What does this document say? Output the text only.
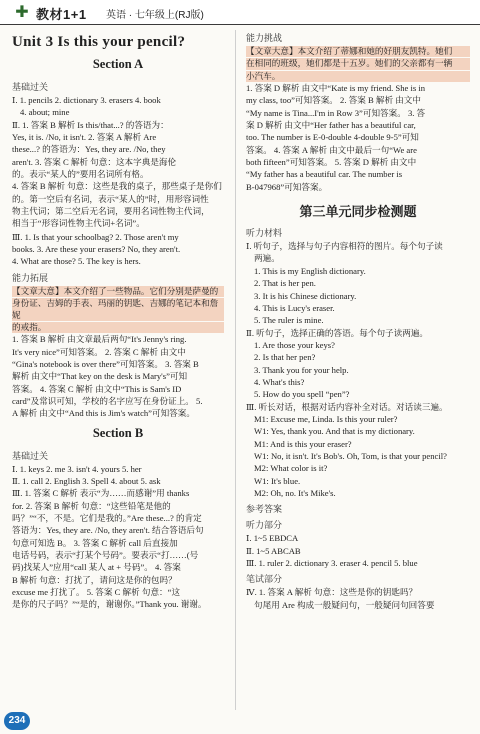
✚ 教材1+1 英语 · 七年级上(RJ版)
Unit 3 Is this your pencil?
Section A
基础过关

Ⅰ. 1. pencils 2. dictionary 3. erasers 4. book

4. about; mine

Ⅱ. 1. 答案 B 解析 Is this/that...? 的答语为：

Yes, it is. /No, it isn't. 2. 答案 A 解析 Are

these...? 的答语为：Yes, they are. /No, they

aren't. 3. 答案 C 解析 句意：这本字典是海伦

的。表示“某人的”要用名词所有格。

4. 答案 B 解析 句意：这些是我的桌子，那些桌子是你们

的。第一空后有名词，表示“某人的”时，用形容词性

物主代词；第二空后无名词，要用名词性物主代词，

相当于“形容词性物主代词+名词”。

Ⅲ. 1. Is that your schoolbag? 2. Those aren't my

books. 3. Are these your erasers? No, they aren't.

4. What are those? 5. The key is hers.

能力拓展

【文章大意】本文介绍了一些物品。它们分别是萨曼的

身份证、吉姆的手表、玛丽的钥匙、吉娜的笔记本和詹妮

的戒指。

1. 答案 B 解析 由文章最后两句“It's Jenny's ring.

It's very nice”可知答案。 2. 答案 C 解析 由文中

“Gina's notebook is over there”可知答案。 3. 答案 B

解析 由文中“That key on the desk is Mary's”可知

答案。 4. 答案 C 解析 由文中“This is Sam's ID

card”及常识可知，学校的名字应写在身份证上。 5.

A 解析 由文中“And this is Jim's watch”可知答案。

Section B
基础过关

Ⅰ. 1. keys 2. me 3. isn't 4. yours 5. her

Ⅱ. 1. call 2. English 3. Spell 4. about 5. ask

Ⅲ. 1. 答案 C 解析 表示“为……而感谢”用 thanks

for. 2. 答案 B 解析 句意：“这些铅笔是他的

吗？”“不，不是。它们是我的。”Are these...? 的肯定

答语为：Yes, they are. /No, they aren't. 结合答语后句

句意可知选 B。 3. 答案 C 解析 call 后直接加

电话号码，表示“打某个号码”。要表示“打……(号

码)找某人”应用“call 某人 at + 号码”。 4. 答案

B 解析 句意：打扰了，请问这是你的包吗？

excuse me 打扰了。 5. 答案 C 解析 句意：“这

是你的尺子吗？”“是的，谢谢你。”Thank you. 谢谢。

能力挑战

【文章大意】本文介绍了蒂娜和她的好朋友凯特。她们

在相同的班级，她们都是十五岁。她们的父亲都有一辆

小汽车。

1. 答案 D 解析 由文中“Kate is my friend. She is in

my class, too”可知答案。 2. 答案 B 解析 由文中

“My name is Tina...I'm in Row 3”可知答案。 3. 答

案 D 解析 由文中“Her father has a beautiful car,

too. The number is E-0-double 4-double 9-5”可知

答案。 4. 答案 A 解析 由文中最后一句“We are

both fifteen”可知答案。 5. 答案 D 解析 由文中

“My father has a beautiful car. The number is

B-047968”可知答案。

第三单元同步检测题
听力材料

Ⅰ. 听句子，选择与句子内容相符的图片。每个句子读

两遍。

1. This is my English dictionary.

2. That is her pen.

3. It is his Chinese dictionary.

4. This is Lucy's eraser.

5. The ruler is mine.

Ⅱ. 听句子，选择正确的答语。每个句子读两遍。

1. Are those your keys?

2. Is that her pen?

3. Thank you for your help.

4. What's this?

5. How do you spell “pen”?

Ⅲ. 听长对话，根据对话内容补全对话。对话读三遍。

M1: Excuse me, Linda. Is this your ruler?

W1: Yes, thank you. And that is my dictionary.

M1: And is this your eraser?

W1: No, it isn't. It's Bob's. Oh, Tom, is that your pencil?

M2: What color is it?

W1: It's blue.

M2: Oh, no. It's Mike's.

参考答案
听力部分

Ⅰ. 1~5 EBDCA

Ⅱ. 1~5 ABCAB

Ⅲ. 1. ruler 2. dictionary 3. eraser 4. pencil 5. blue

笔试部分

Ⅳ. 1. 答案 A 解析 句意：这些是你的钥匙吗？

句尾用 Are 构成一般疑问句，一般疑问句回答要

234
